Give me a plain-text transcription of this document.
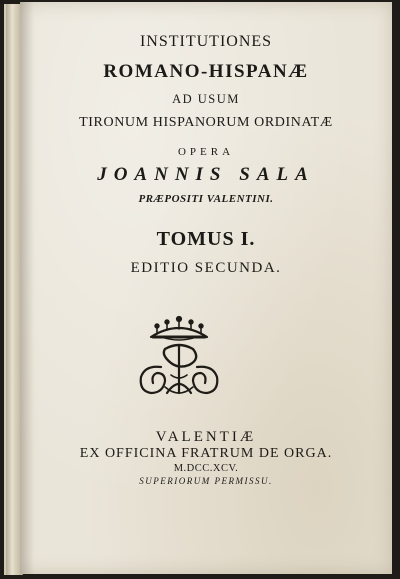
INSTITUTIONES
ROMANO-HISPANÆ
AD USUM
TIRONUM HISPANORUM ORDINATÆ
OPERA
JOANNIS SALA
PRÆPOSITI VALENTINI.
TOMUS I.
EDITIO SECUNDA.
VALENTIÆ
EX OFFICINA FRATRUM DE ORGA.
M.DCC.XCV.
SUPERIORUM PERMISSU.
